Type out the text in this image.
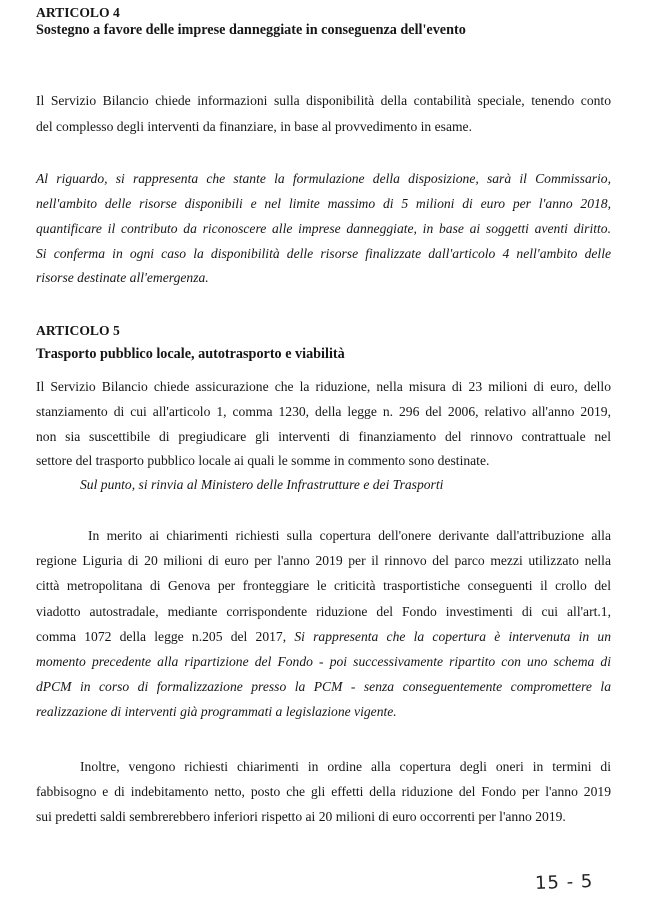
ARTICOLO 4
Sostegno a favore delle imprese danneggiate in conseguenza dell'evento
Il Servizio Bilancio chiede informazioni sulla disponibilità della contabilità speciale, tenendo conto
del complesso degli interventi da finanziare, in base al provvedimento in esame.
Al riguardo, si rappresenta che stante la formulazione della disposizione, sarà il Commissario,
nell'ambito delle risorse disponibili e nel limite massimo di 5 milioni di euro per l'anno 2018,
quantificare il contributo da riconoscere alle imprese danneggiate, in base ai soggetti aventi diritto.
Si conferma in ogni caso la disponibilità delle risorse finalizzate dall'articolo 4 nell'ambito delle
risorse destinate all'emergenza.
ARTICOLO 5
Trasporto pubblico locale, autotrasporto e viabilità
Il Servizio Bilancio chiede assicurazione che la riduzione, nella misura di 23 milioni di euro, dello
stanziamento di cui all'articolo 1, comma 1230, della legge n. 296 del 2006, relativo all'anno 2019,
non sia suscettibile di pregiudicare gli interventi di finanziamento del rinnovo contrattuale nel
settore del trasporto pubblico locale ai quali le somme in commento sono destinate.
Sul punto, si rinvia al Ministero delle Infrastrutture e dei Trasporti
In merito ai chiarimenti richiesti sulla copertura dell'onere derivante dall'attribuzione alla
regione Liguria di 20 milioni di euro per l'anno 2019 per il rinnovo del parco mezzi utilizzato nella
città metropolitana di Genova per fronteggiare le criticità trasportistiche conseguenti il crollo del
viadotto autostradale, mediante corrispondente riduzione del Fondo investimenti di cui all'art.1,
comma 1072 della legge n.205 del 2017, Si rappresenta che la copertura è intervenuta in un
momento precedente alla ripartizione del Fondo - poi successivamente ripartito con uno schema di
dPCM in corso di formalizzazione presso la PCM - senza conseguentemente compromettere la
realizzazione di interventi già programmati a legislazione vigente.
Inoltre, vengono richiesti chiarimenti in ordine alla copertura degli oneri in termini di
fabbisogno e di indebitamento netto, posto che gli effetti della riduzione del Fondo per l'anno 2019
sui predetti saldi sembrerebbero inferiori rispetto ai 20 milioni di euro occorrenti per l'anno 2019.
15 - 5
